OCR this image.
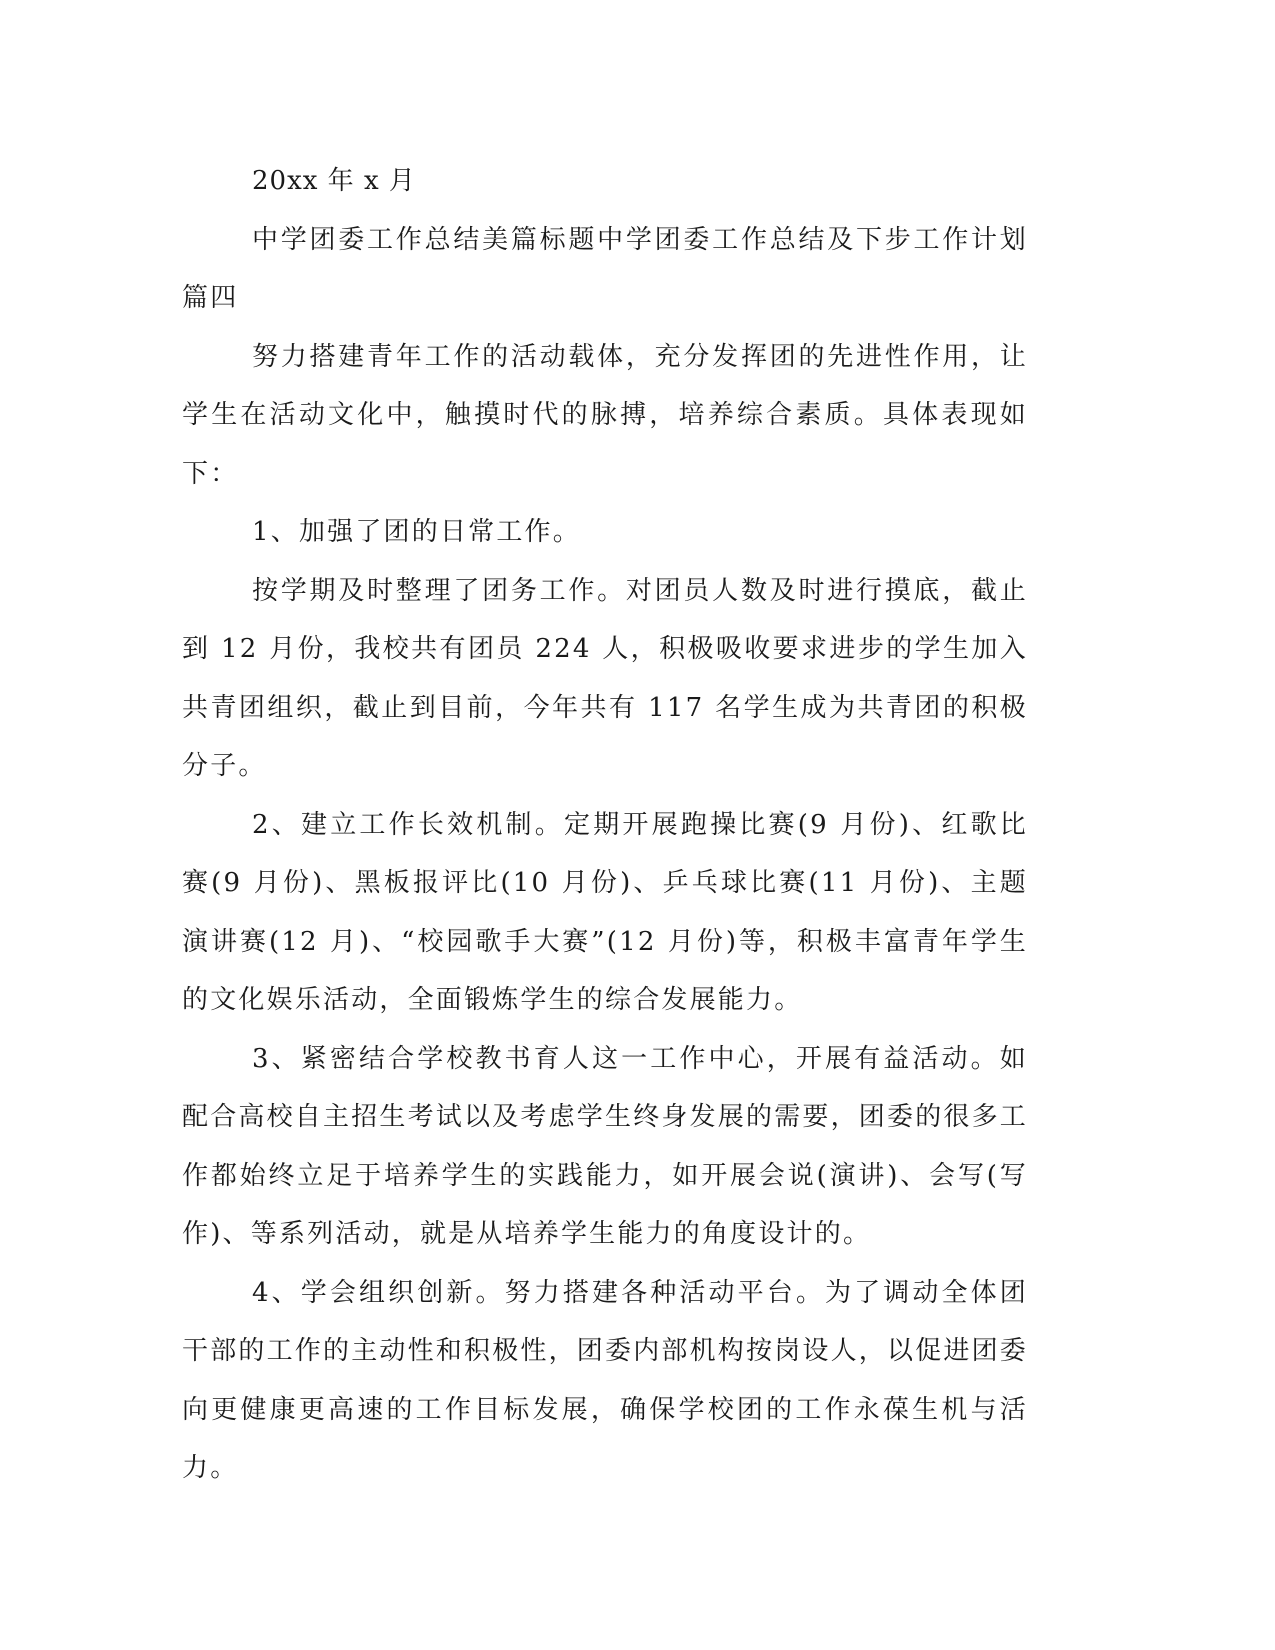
20xx 年 x 月

中学团委工作总结美篇标题中学团委工作总结及下步工作计划篇四

努力搭建青年工作的活动载体，充分发挥团的先进性作用，让学生在活动文化中，触摸时代的脉搏，培养综合素质。具体表现如下：

1、加强了团的日常工作。

按学期及时整理了团务工作。对团员人数及时进行摸底，截止到 12 月份，我校共有团员 224 人，积极吸收要求进步的学生加入共青团组织，截止到目前，今年共有 117 名学生成为共青团的积极分子。

2、建立工作长效机制。定期开展跑操比赛(9 月份)、红歌比赛(9 月份)、黑板报评比(10 月份)、乒乓球比赛(11 月份)、主题演讲赛(12 月)、“校园歌手大赛”(12 月份)等，积极丰富青年学生的文化娱乐活动，全面锻炼学生的综合发展能力。

3、紧密结合学校教书育人这一工作中心，开展有益活动。如配合高校自主招生考试以及考虑学生终身发展的需要，团委的很多工作都始终立足于培养学生的实践能力，如开展会说(演讲)、会写(写作)、等系列活动，就是从培养学生能力的角度设计的。

4、学会组织创新。努力搭建各种活动平台。为了调动全体团干部的工作的主动性和积极性，团委内部机构按岗设人，以促进团委向更健康更高速的工作目标发展，确保学校团的工作永葆生机与活力。
